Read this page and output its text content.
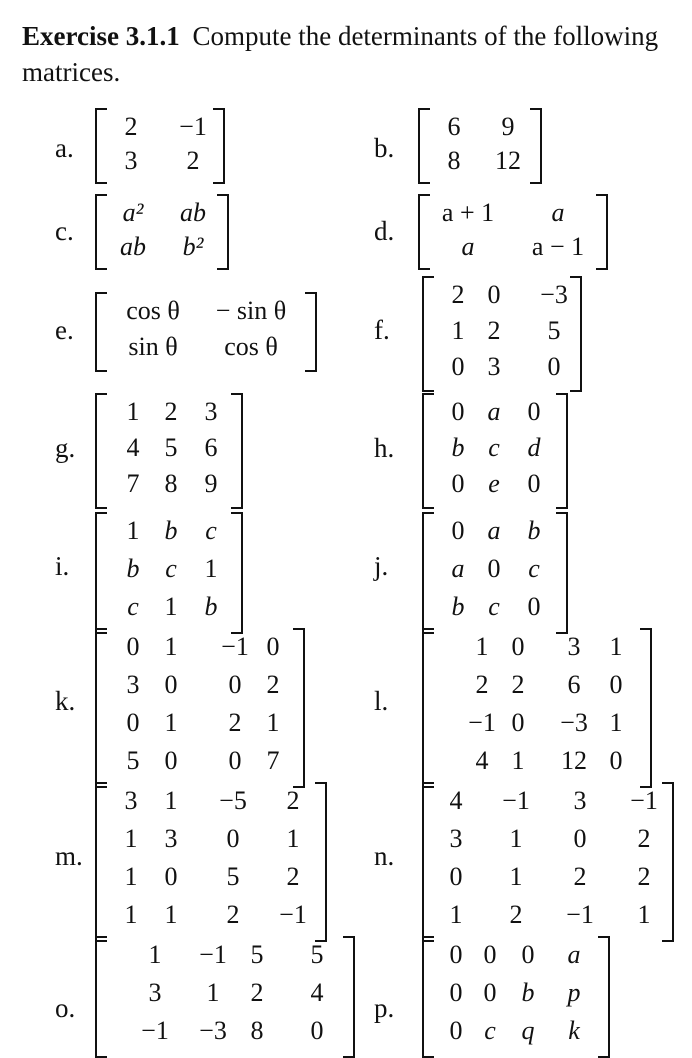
Exercise 3.1.1 Compute the determinants of the following matrices.
a.
2 −1
3 2	b.
6 9
8 12
c.
a² ab
ab b²
d.
a + 1 a
a a − 1
e.
cos θ − sin θ
sin θ cos θ
f.
2 0 −3
1 2 5
0 3 0
g.
1 2 3
4 5 6
7 8 9
h.
0 a 0
b c d
0 e 0
i.
1 b c
b c 1
c 1 b
j.
0 a b
a 0 c
b c 0
k.
0 1 −1 0
3 0 0 2
0 1 2 1
5 0 0 7
l.
1 0 3 1
2 2 6 0
−1 0 −3 1
4 1 12 0
m.
3 1 −5 2
1 3 0 1
1 0 5 2
1 1 2 −1
n.
4 −1 3 −1
3 1 0 2
0 1 2 2
1 2 −1 1
o.
1 −1 5 5
3 1 2 4
−1 −3 8 0
p.
0 0 0 a
0 0 b p
0 c q k
